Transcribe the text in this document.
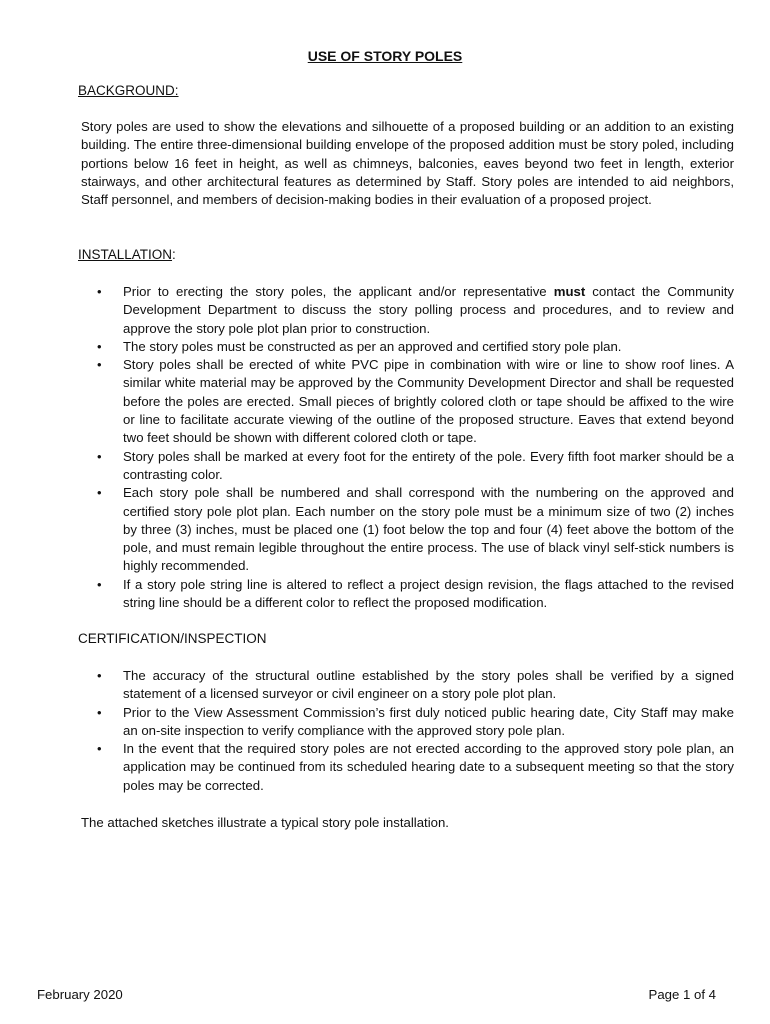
USE OF STORY POLES
BACKGROUND:
Story poles are used to show the elevations and silhouette of a proposed building or an addition to an existing building. The entire three-dimensional building envelope of the proposed addition must be story poled, including portions below 16 feet in height, as well as chimneys, balconies, eaves beyond two feet in length, exterior stairways, and other architectural features as determined by Staff. Story poles are intended to aid neighbors, Staff personnel, and members of decision-making bodies in their evaluation of a proposed project.
INSTALLATION:
• Prior to erecting the story poles, the applicant and/or representative must contact the Community Development Department to discuss the story polling process and procedures, and to review and approve the story pole plot plan prior to construction.
• The story poles must be constructed as per an approved and certified story pole plan.
• Story poles shall be erected of white PVC pipe in combination with wire or line to show roof lines. A similar white material may be approved by the Community Development Director and shall be requested before the poles are erected. Small pieces of brightly colored cloth or tape should be affixed to the wire or line to facilitate accurate viewing of the outline of the proposed structure. Eaves that extend beyond two feet should be shown with different colored cloth or tape.
• Story poles shall be marked at every foot for the entirety of the pole. Every fifth foot marker should be a contrasting color.
• Each story pole shall be numbered and shall correspond with the numbering on the approved and certified story pole plot plan. Each number on the story pole must be a minimum size of two (2) inches by three (3) inches, must be placed one (1) foot below the top and four (4) feet above the bottom of the pole, and must remain legible throughout the entire process. The use of black vinyl self-stick numbers is highly recommended.
• If a story pole string line is altered to reflect a project design revision, the flags attached to the revised string line should be a different color to reflect the proposed modification.
CERTIFICATION/INSPECTION
• The accuracy of the structural outline established by the story poles shall be verified by a signed statement of a licensed surveyor or civil engineer on a story pole plot plan.
• Prior to the View Assessment Commission’s first duly noticed public hearing date, City Staff may make an on-site inspection to verify compliance with the approved story pole plan.
• In the event that the required story poles are not erected according to the approved story pole plan, an application may be continued from its scheduled hearing date to a subsequent meeting so that the story poles may be corrected.
The attached sketches illustrate a typical story pole installation.
February 2020	Page 1 of 4
